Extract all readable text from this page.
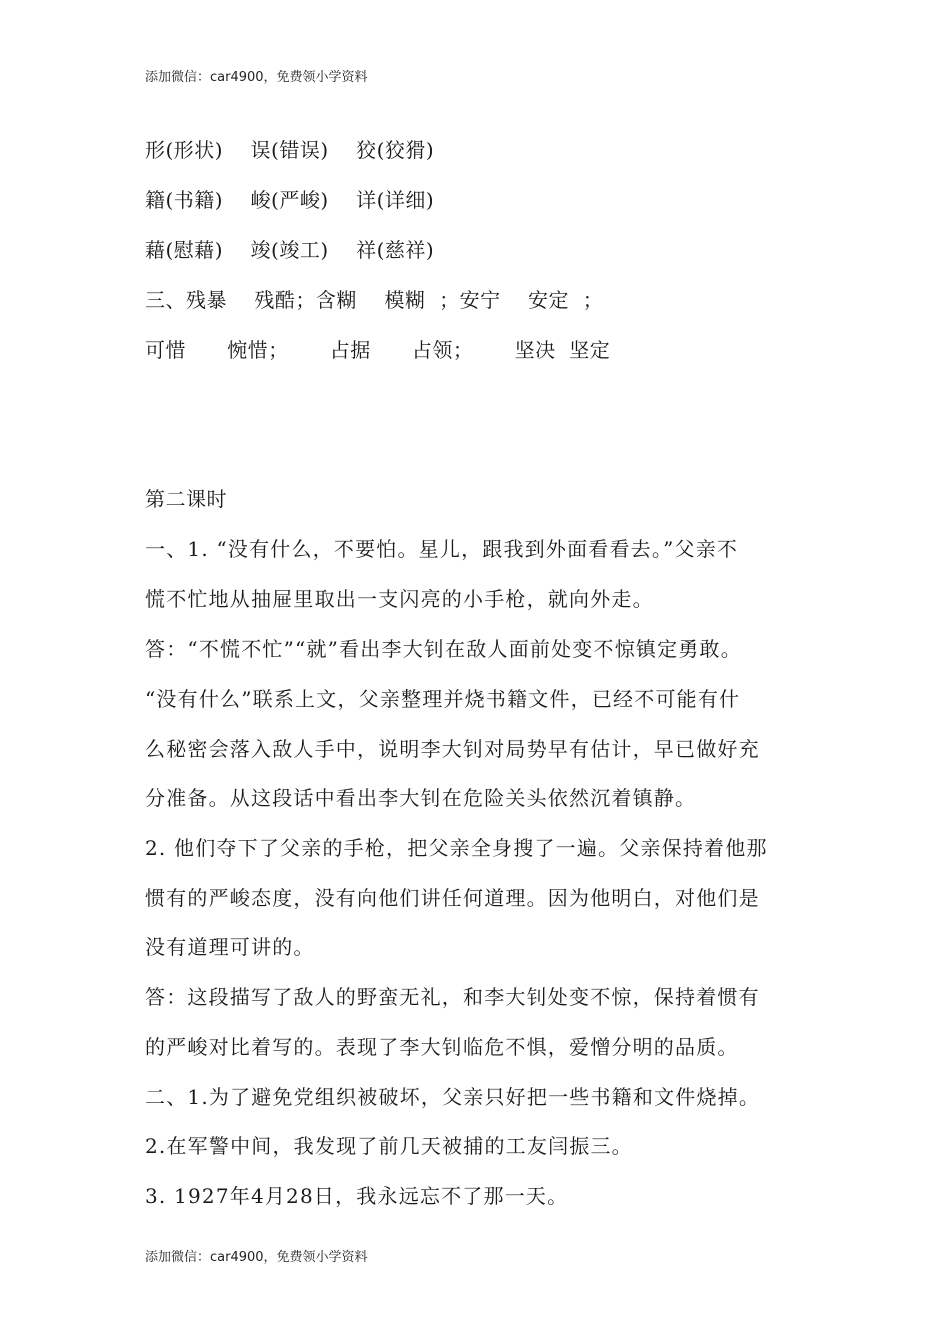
添加微信：car4900，免费领小学资料
形(形状)    误(错误)    狡(狡猾)
籍(书籍)    峻(严峻)    详(详细)
藉(慰藉)    竣(竣工)    祥(慈祥)
三、残暴    残酷；含糊    模糊  ；安宁    安定  ；
可惜      惋惜；      占据      占领；      坚决  坚定
第二课时
一、1. “没有什么，不要怕。星儿，跟我到外面看看去。”父亲不
慌不忙地从抽屉里取出一支闪亮的小手枪，就向外走。
答：“不慌不忙”“就”看出李大钊在敌人面前处变不惊镇定勇敢。
“没有什么”联系上文，父亲整理并烧书籍文件，已经不可能有什
么秘密会落入敌人手中，说明李大钊对局势早有估计，早已做好充
分准备。从这段话中看出李大钊在危险关头依然沉着镇静。
2. 他们夺下了父亲的手枪，把父亲全身搜了一遍。父亲保持着他那
惯有的严峻态度，没有向他们讲任何道理。因为他明白，对他们是
没有道理可讲的。
答：这段描写了敌人的野蛮无礼，和李大钊处变不惊，保持着惯有
的严峻对比着写的。表现了李大钊临危不惧，爱憎分明的品质。
二、1.为了避免党组织被破坏，父亲只好把一些书籍和文件烧掉。
2.在军警中间，我发现了前几天被捕的工友闫振三。
3. 1927年4月28日，我永远忘不了那一天。
添加微信：car4900，免费领小学资料
